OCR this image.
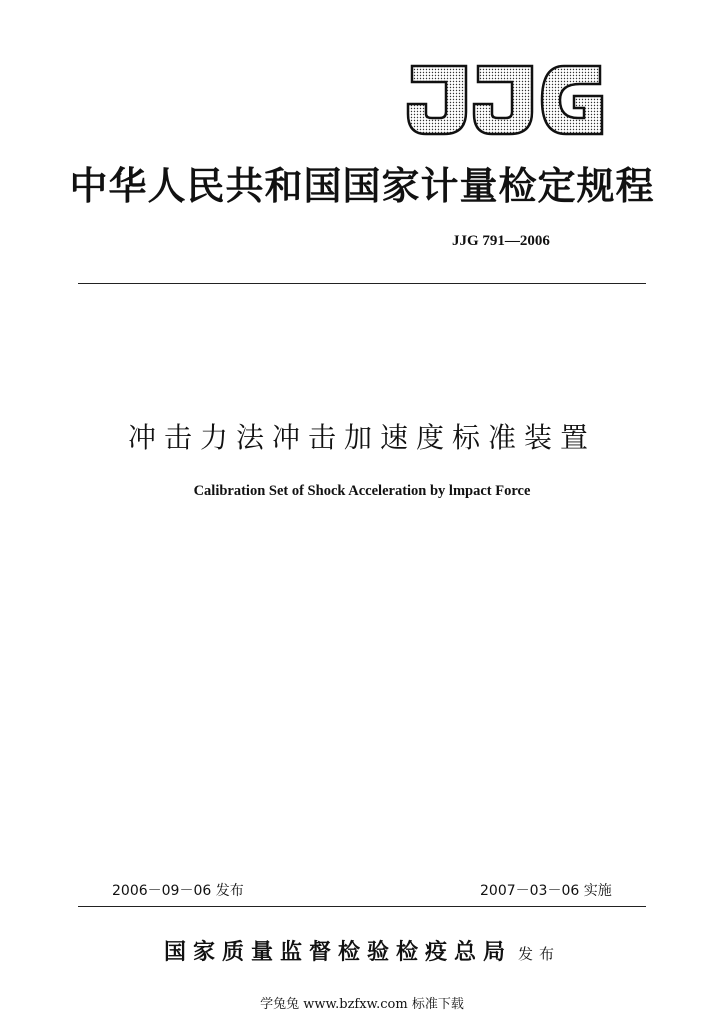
中华人民共和国国家计量检定规程
JJG 791—2006
冲击力法冲击加速度标准装置
Calibration Set of Shock Acceleration by lmpact Force
2006－09－06 发布	2007－03－06 实施
国家质量监督检验检疫总局 发布
学兔兔 www.bzfxw.com 标准下载
